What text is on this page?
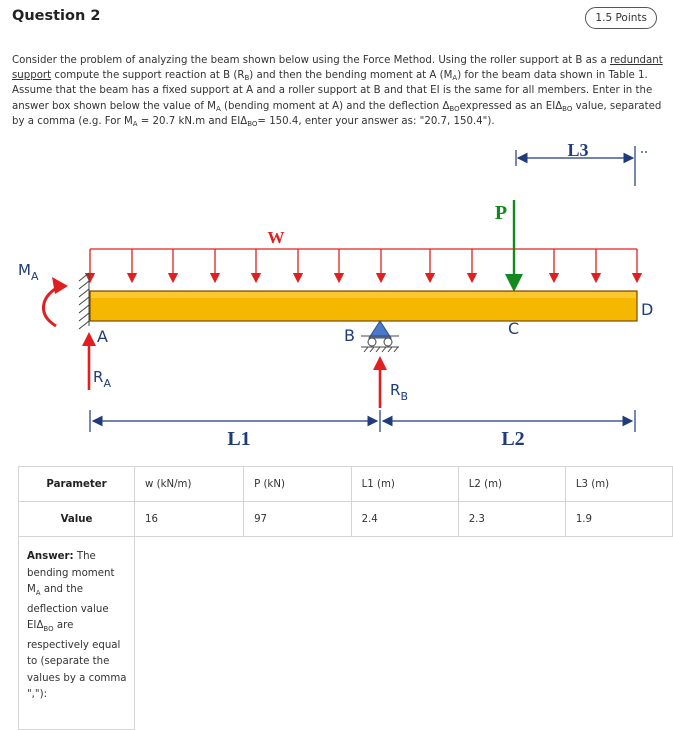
Question 2	1.5 Points
Consider the problem of analyzing the beam shown below using the Force Method. Using the roller support at B as a redundant support compute the support reaction at B $(R_B)$ and then the bending moment at A $(M_A)$ for the beam data shown in Table 1. Assume that the beam has a fixed support at A and a roller support at B and that EI is the same for all members. Enter in the answer box shown below the value of $M_A$ (bending moment at A) and the deflection $\Delta_{BO}expressed$ as an $EI\Delta_{BO}$ value, separated by a comma (e.g. For $M_A = 20.7$ kN.m and $EI\Delta_{BO}= 150.4$, enter your answer as: "20.7, 150.4").
W
P
L3
$M_A$
A	B	C
D
$R_A$	$R_B$
L1	L2
Parameter	w (kN/m)	P (kN)	L1 (m)	L2 (m)	L3 (m)
Value	16	97	2.4	2.3	1.9
Answer: The bending moment $M_A$ and the deflection value $EI\Delta_{BO}$ are respectively equal to (separate the values by a comma ","):					
